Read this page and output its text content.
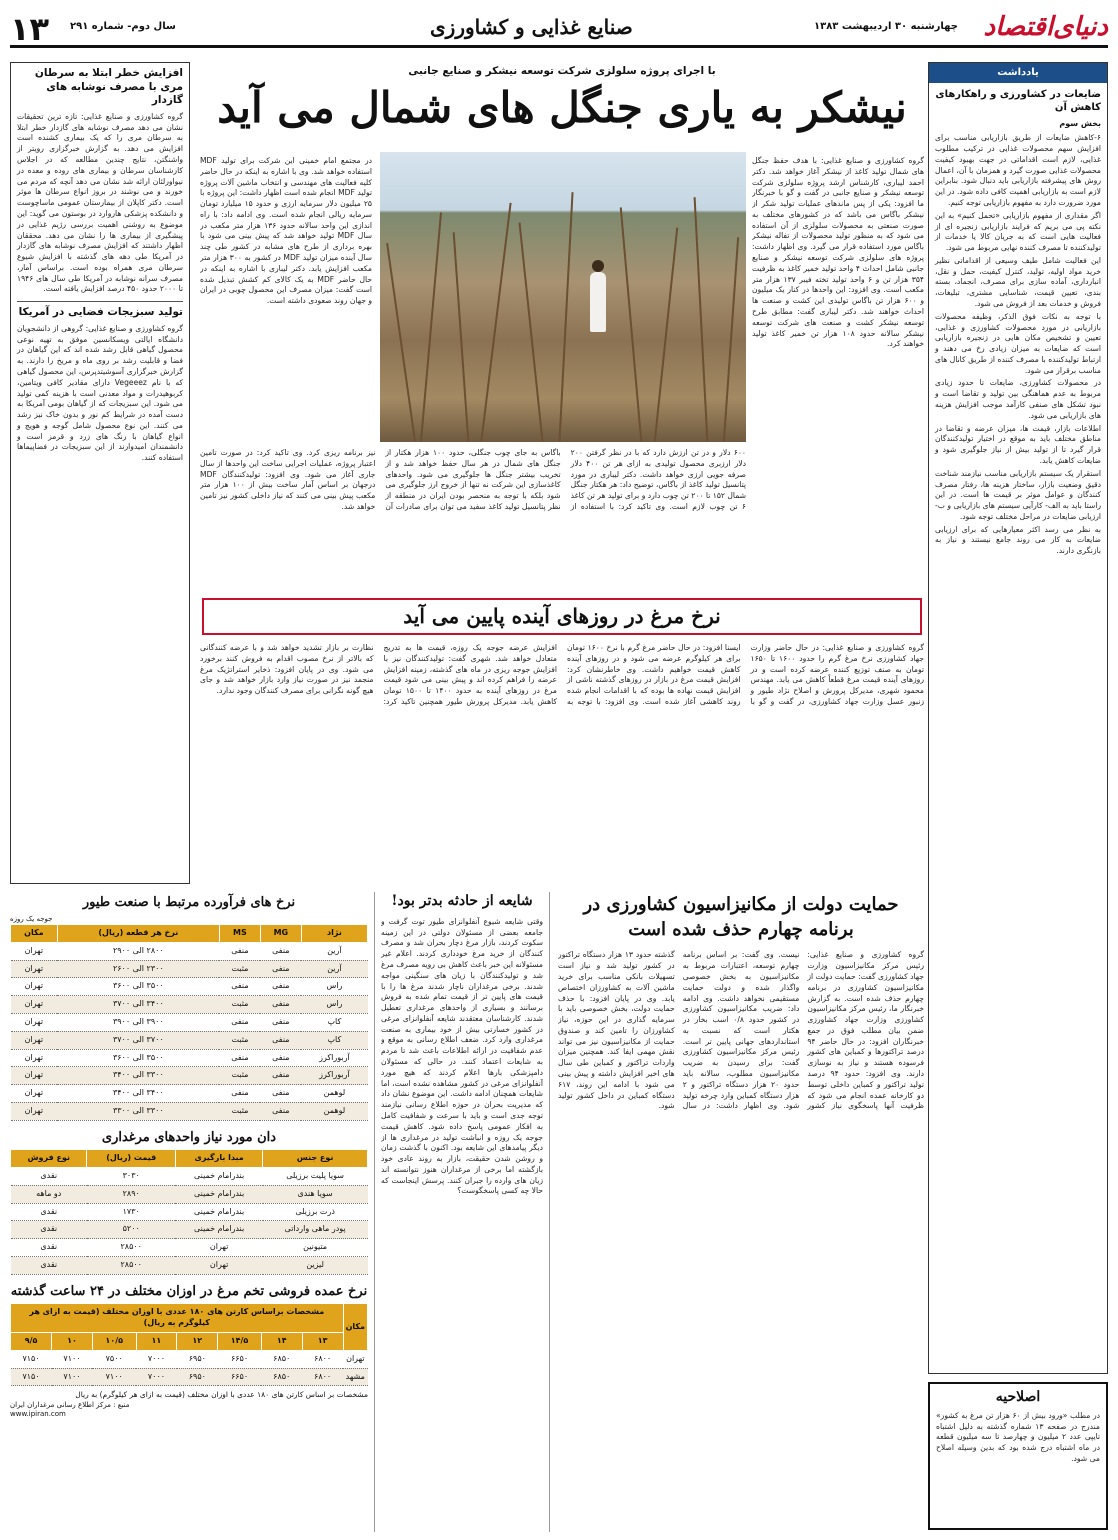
دنیای‌اقتصاد
چهارشنبه ۳۰ اردیبهشت ۱۳۸۳
صنایع غذایی و کشاورزی
سال دوم- شماره ۲۹۱
۱۳
یادداشت
ضایعات در کشاورزی و راهکارهای کاهش آن
بخش سوم

۶-کاهش ضایعات از طریق بازاریابی مناسب برای افزایش سهم محصولات غذایی در ترکیب مطلوب غذایی، لازم است اقداماتی در جهت بهبود کیفیت محصولات غذایی صورت گیرد و همزمان با آن، اعمال روش های پیشرفته بازاریابی باید دنبال شود. بنابراین لازم است به بازاریابی اهمیت کافی داده شود. در این مورد ضرورت دارد به مفهوم بازاریابی توجه کنیم.

اگر مقداری از مفهوم بازاریابی «تحمل کنیم» به این نکته پی می بریم که فرایند بازاریابی زنجیره ای از فعالیت هایی است که به جریان کالا یا خدمات از تولیدکننده تا مصرف کننده نهایی مربوط می شود.

این فعالیت شامل طیف وسیعی از اقداماتی نظیر خرید مواد اولیه، تولید، کنترل کیفیت، حمل و نقل، انبارداری، آماده سازی برای مصرف، انجماد، بسته بندی، تعیین قیمت، شناسایی مشتری، تبلیغات، فروش و خدمات بعد از فروش می شود.

با توجه به نکات فوق الذکر، وظیفه محصولات بازاریابی در مورد محصولات کشاورزی و غذایی، تعیین و تشخیص مکان هایی در زنجیره بازاریابی است که ضایعات به میزان زیادی رخ می دهند و ارتباط تولیدکننده با مصرف کننده از طریق کانال های مناسب برقرار می شود.

در محصولات کشاورزی، ضایعات تا حدود زیادی مربوط به عدم هماهنگی بین تولید و تقاضا است و نبود تشکل های صنفی کارآمد موجب افزایش هزینه های بازاریابی می شود.

اطلاعات بازار، قیمت ها، میزان عرضه و تقاضا در مناطق مختلف باید به موقع در اختیار تولیدکنندگان قرار گیرد تا از تولید بیش از نیاز جلوگیری شود و ضایعات کاهش یابد.

استقرار یک سیستم بازاریابی مناسب نیازمند شناخت دقیق وضعیت بازار، ساختار هزینه ها، رفتار مصرف کنندگان و عوامل موثر بر قیمت ها است. در این راستا باید به الف- کارآیی سیستم های بازاریابی و ب- ارزیابی ضایعات در مراحل مختلف توجه شود.

به نظر می رسد اکثر معیارهایی که برای ارزیابی ضایعات به کار می روند جامع نیستند و نیاز به بازنگری دارند.

اصلاحیه
در مطلب «ورود بیش از ۶۰ هزار تن مرغ به کشور» مندرج در صفحه ۱۳ شماره گذشته به دلیل اشتباه تایپی عدد ۲ میلیون و چهارصد تا سه میلیون قطعه در ماه اشتباه درج شده بود که بدین وسیله اصلاح می شود.
افزایش خطر ابتلا به سرطان مری با مصرف نوشابه های گازدار
گروه کشاورزی و صنایع غذایی: تازه ترین تحقیقات نشان می دهد مصرف نوشابه های گازدار خطر ابتلا به سرطان مری را که یک بیماری کشنده است افزایش می دهد. به گزارش خبرگزاری رویتر از واشنگتن، نتایج چندین مطالعه که در اجلاس کارشناسان سرطان و بیماری های روده و معده در نیواورلئان ارائه شد نشان می دهد آنچه که مردم می خورند و می نوشند در بروز انواع سرطان ها موثر است. دکتر کاپلان از بیمارستان عمومی ماساچوست و دانشکده پزشکی هاروارد در بوستون می گوید: این موضوع به روشنی اهمیت بررسی رژیم غذایی در پیشگیری از بیماری ها را نشان می دهد. محققان اظهار داشتند که افزایش مصرف نوشابه های گازدار در آمریکا طی دهه های گذشته با افزایش شیوع سرطان مری همراه بوده است. براساس آمار، مصرف سرانه نوشابه در آمریکا طی سال های ۱۹۴۶ تا ۲۰۰۰ حدود ۴۵۰ درصد افزایش یافته است.
تولید سبزیجات فضایی در آمریکا
گروه کشاورزی و صنایع غذایی: گروهی از دانشجویان دانشگاه ایالتی ویسکانسین موفق به تهیه نوعی محصول گیاهی قابل رشد شده اند که این گیاهان در فضا و قابلیت رشد بر روی ماه و مریخ را دارند. به گزارش خبرگزاری آسوشیتدپرس، این محصول گیاهی که با نام Vegeeez دارای مقادیر کافی ویتامین، کربوهیدرات و مواد معدنی است با هزینه کمی تولید می شود. این سبزیجات که از گیاهان بومی آمریکا به دست آمده در شرایط کم نور و بدون خاک نیز رشد می کنند. این نوع محصول شامل گوجه و هویج و انواع گیاهان با رنگ های زرد و قرمز است و دانشمندان امیدوارند از این سبزیجات در فضاپیماها استفاده کنند.
با اجرای پروژه سلولزی شرکت توسعه نیشکر و صنایع جانبی
نیشکر به یاری جنگل های شمال می آید
گروه کشاورزی و صنایع غذایی: با هدف حفظ جنگل های شمال تولید کاغذ از نیشکر آغاز خواهد شد. دکتر احمد لیباری، کارشناس ارشد پروژه سلولزی شرکت توسعه نیشکر و صنایع جانبی در گفت و گو با خبرنگار ما افزود: یکی از پس ماندهای عملیات تولید شکر از نیشکر باگاس می باشد که در کشورهای مختلف به صورت صنعتی به محصولات سلولزی از آن استفاده می شود که به منظور تولید محصولات از تفاله نیشکر باگاس مورد استفاده قرار می گیرد. وی اظهار داشت: پروژه های سلولزی شرکت توسعه نیشکر و صنایع جانبی شامل احداث ۴ واحد تولید خمیر کاغذ به ظرفیت ۳۵۴ هزار تن و ۶ واحد تولید تخته فیبر ۱۳۷ هزار متر مکعب است. وی افزود: این واحدها در کنار یک میلیون و ۶۰۰ هزار تن باگاس تولیدی این کشت و صنعت ها احداث خواهند شد. دکتر لیباری گفت: مطابق طرح توسعه نیشکر کشت و صنعت های شرکت توسعه نیشکر سالانه حدود ۱۰۸ هزار تن خمیر کاغذ تولید خواهند کرد.
در مجتمع امام خمینی این شرکت برای تولید MDF استفاده خواهد شد. وی با اشاره به اینکه در حال حاضر کلیه فعالیت های مهندسی و انتخاب ماشین آلات پروژه تولید MDF انجام شده است اظهار داشت: این پروژه با ۲۵ میلیون دلار سرمایه ارزی و حدود ۱۵ میلیارد تومان سرمایه ریالی انجام شده است. وی ادامه داد: با راه اندازی این واحد سالانه حدود ۱۳۶ هزار متر مکعب در سال MDF تولید خواهد شد که پیش بینی می شود با بهره برداری از طرح های مشابه در کشور طی چند سال آینده میزان تولید MDF در کشور به ۳۰۰ هزار متر مکعب افزایش یابد. دکتر لیباری با اشاره به اینکه در حال حاضر MDF به یک کالای کم کشش تبدیل شده است گفت: میزان مصرف این محصول چوبی در ایران و جهان روند صعودی داشته است.
۶۰۰ دلار و در تن ارزش دارد که با در نظر گرفتن ۲۰۰ دلار ارزبری محصول تولیدی به ازای هر تن ۴۰۰ دلار صرفه جویی ارزی خواهد داشت. دکتر لیباری در مورد پتانسیل تولید کاغذ از باگاس، توضیح داد: هر هکتار جنگل شمال ۱۵۲ تا ۲۰۰ تن چوب دارد و برای تولید هر تن کاغذ ۶ تن چوب لازم است. وی تاکید کرد: با استفاده از باگاس به جای چوب جنگلی، حدود ۱۰۰ هزار هکتار از جنگل های شمال در هر سال حفظ خواهد شد و از تخریب بیشتر جنگل ها جلوگیری می شود. واحدهای کاغذسازی این شرکت نه تنها از خروج ارز جلوگیری می شود بلکه با توجه به منحصر بودن ایران در منطقه از نظر پتانسیل تولید کاغذ سفید می توان برای صادرات آن نیز برنامه ریزی کرد. وی تاکید کرد: در صورت تامین اعتبار پروژه، عملیات اجرایی ساخت این واحدها از سال جاری آغاز می شود. وی افزود: تولیدکنندگان MDF درجهان بر اساس آمار ساخت بیش از ۱۰۰ هزار متر مکعب پیش بینی می کنند که نیاز داخلی کشور نیز تامین خواهد شد.
نرخ مرغ در روزهای آینده پایین می آید
گروه کشاورزی و صنایع غذایی: در حال حاضر وزارت جهاد کشاورزی نرخ مرغ گرم را حدود ۱۶۰۰ تا ۱۶۵۰ تومان به صنف توزیع کننده عرضه کرده است و در روزهای آینده قیمت مرغ قطعاً کاهش می یابد. مهندس محمود شهری، مدیرکل پرورش و اصلاح نژاد طیور و زنبور عسل وزارت جهاد کشاورزی، در گفت و گو با ایسنا افزود: در حال حاضر مرغ گرم با نرخ ۱۶۰۰ تومان برای هر کیلوگرم عرضه می شود و در روزهای آینده کاهش قیمت خواهیم داشت. وی خاطرنشان کرد: افزایش قیمت مرغ در بازار در روزهای گذشته ناشی از افزایش قیمت نهاده ها بوده که با اقدامات انجام شده روند کاهشی آغاز شده است. وی افزود: با توجه به افزایش عرضه جوجه یک روزه، قیمت ها به تدریج متعادل خواهد شد. شهری گفت: تولیدکنندگان نیز با افزایش جوجه ریزی در ماه های گذشته، زمینه افزایش عرضه را فراهم کرده اند و پیش بینی می شود قیمت مرغ در روزهای آینده به حدود ۱۴۰۰ تا ۱۵۰۰ تومان کاهش یابد. مدیرکل پرورش طیور همچنین تاکید کرد: نظارت بر بازار تشدید خواهد شد و با عرضه کنندگانی که بالاتر از نرخ مصوب اقدام به فروش کنند برخورد می شود. وی در پایان افزود: ذخایر استراتژیک مرغ منجمد نیز در صورت نیاز وارد بازار خواهد شد و جای هیچ گونه نگرانی برای مصرف کنندگان وجود ندارد.
حمایت دولت از مکانیزاسیون کشاورزی در برنامه چهارم حذف شده است
گروه کشاورزی و صنایع غذایی: رئیس مرکز مکانیزاسیون وزارت جهاد کشاورزی گفت: حمایت دولت از مکانیزاسیون کشاورزی در برنامه چهارم حذف شده است. به گزارش خبرنگار ما، رئیس مرکز مکانیزاسیون کشاورزی وزارت جهاد کشاورزی ضمن بیان مطلب فوق در جمع خبرنگاران افزود: در حال حاضر ۹۴ درصد تراکتورها و کمباین های کشور فرسوده هستند و نیاز به نوسازی دارند. وی افزود: حدود ۹۴ درصد تولید تراکتور و کمباین داخلی توسط دو کارخانه عمده انجام می شود که ظرفیت آنها پاسخگوی نیاز کشور نیست. وی گفت: بر اساس برنامه چهارم توسعه، اعتبارات مربوط به مکانیزاسیون به بخش خصوصی واگذار شده و دولت حمایت مستقیمی نخواهد داشت. وی ادامه داد: ضریب مکانیزاسیون کشاورزی در کشور حدود ۰/۸ اسب بخار در هکتار است که نسبت به استانداردهای جهانی پایین تر است. رئیس مرکز مکانیزاسیون کشاورزی گفت: برای رسیدن به ضریب مکانیزاسیون مطلوب، سالانه باید حدود ۲۰ هزار دستگاه تراکتور و ۲ هزار دستگاه کمباین وارد چرخه تولید شود. وی اظهار داشت: در سال گذشته حدود ۱۳ هزار دستگاه تراکتور در کشور تولید شد و نیاز است تسهیلات بانکی مناسب برای خرید ماشین آلات به کشاورزان اختصاص یابد. وی در پایان افزود: با حذف حمایت دولت، بخش خصوصی باید با سرمایه گذاری در این حوزه، نیاز کشاورزان را تامین کند و صندوق حمایت از مکانیزاسیون نیز می تواند نقش مهمی ایفا کند. همچنین میزان واردات تراکتور و کمباین طی سال های اخیر افزایش داشته و پیش بینی می شود با ادامه این روند، ۶۱۷ دستگاه کمباین در داخل کشور تولید شود.
شایعه از حادثه بدتر بود!
وقتی شایعه شیوع آنفلوانزای طیور توت گرفت و جامعه بعضی از مسئولان دولتی در این زمینه سکوت کردند، بازار مرغ دچار بحران شد و مصرف کنندگان از خرید مرغ خودداری کردند. اعلام غیر مسئولانه این خبر باعث کاهش بی رویه مصرف مرغ شد و تولیدکنندگان با زیان های سنگینی مواجه شدند. برخی مرغداران ناچار شدند مرغ ها را با قیمت های پایین تر از قیمت تمام شده به فروش برسانند و بسیاری از واحدهای مرغداری تعطیل شدند. کارشناسان معتقدند شایعه آنفلوانزای مرغی در کشور خسارتی بیش از خود بیماری به صنعت مرغداری وارد کرد. ضعف اطلاع رسانی به موقع و عدم شفافیت در ارائه اطلاعات باعث شد تا مردم به شایعات اعتماد کنند. در حالی که مسئولان دامپزشکی بارها اعلام کردند که هیچ مورد آنفلوانزای مرغی در کشور مشاهده نشده است، اما شایعات همچنان ادامه داشت. این موضوع نشان داد که مدیریت بحران در حوزه اطلاع رسانی نیازمند توجه جدی است و باید با سرعت و شفافیت کامل به افکار عمومی پاسخ داده شود. کاهش قیمت جوجه یک روزه و انباشت تولید در مرغداری ها از دیگر پیامدهای این شایعه بود. اکنون با گذشت زمان و روشن شدن حقیقت، بازار به روند عادی خود بازگشته اما برخی از مرغداران هنوز نتوانسته اند زیان های وارده را جبران کنند. پرسش اینجاست که حالا چه کسی پاسخگوست؟
نرخ های فرآورده مرتبط با صنعت طیور
جوجه یک روزه
نژاد	MG	MS	نرخ هر قطعه (ریال)	مکان
آرین	منفی	منفی	۲۸۰۰ الی ۲۹۰۰	تهران
آرین	منفی	مثبت	۲۳۰۰ الی ۲۶۰۰	تهران
راس	منفی	منفی	۳۵۰۰ الی ۳۶۰۰	تهران
راس	منفی	مثبت	۳۴۰۰ الی ۳۷۰۰	تهران
کاپ	منفی	منفی	۳۹۰۰ الی ۳۹۰۰	تهران
کاپ	منفی	مثبت	۳۷۰۰ الی ۳۷۰۰	تهران
آربوراکرز	منفی	منفی	۳۵۰۰ الی ۳۶۰۰	تهران
آربوراکرز	منفی	مثبت	۳۳۰۰ الی ۳۴۰۰	تهران
لوهمن	منفی	منفی	۳۴۰۰ الی ۳۴۰۰	تهران
لوهمن	منفی	مثبت	۳۳۰۰ الی ۳۳۰۰	تهران
دان مورد نیاز واحدهای مرغداری
نوع جنس	مبدا بارگیری	قیمت (ریال)	نوع فروش
سویا پلیت برزیلی	بندرامام خمینی	۳۰۳۰	نقدی
سویا هندی	بندرامام خمینی	۲۸۹۰	دو ماهه
ذرت برزیلی	بندرامام خمینی	۱۷۳۰	نقدی
پودر ماهی وارداتی	بندرامام خمینی	۵۲۰۰	نقدی
متیونین	تهران	۲۸۵۰۰	نقدی
لیزین	تهران	۲۸۵۰۰	نقدی
نرخ عمده فروشی تخم مرغ در اوزان مختلف در ۲۴ ساعت گذشته
مکان	مشخصات براساس کارتن های ۱۸۰ عددی با اوزان مختلف (قیمت به ازای هر کیلوگرم به ریال)							
	۱۳	۱۴	۱۴/۵	۱۲	۱۱	۱۰/۵	۱۰	۹/۵
تهران	۶۸۰۰	۶۸۵۰	۶۶۵۰	۶۹۵۰	۷۰۰۰	۷۵۰۰	۷۱۰۰	۷۱۵۰
مشهد	۶۸۰۰	۶۸۵۰	۶۶۵۰	۶۹۵۰	۷۰۰۰	۷۱۰۰	۷۱۰۰	۷۱۵۰
مشخصات بر اساس کارتن های ۱۸۰ عددی با اوزان مختلف (قیمت به ازای هر کیلوگرم) به ریال
منبع : مرکز اطلاع رسانی مرغداران ایران
www.ipiran.com
